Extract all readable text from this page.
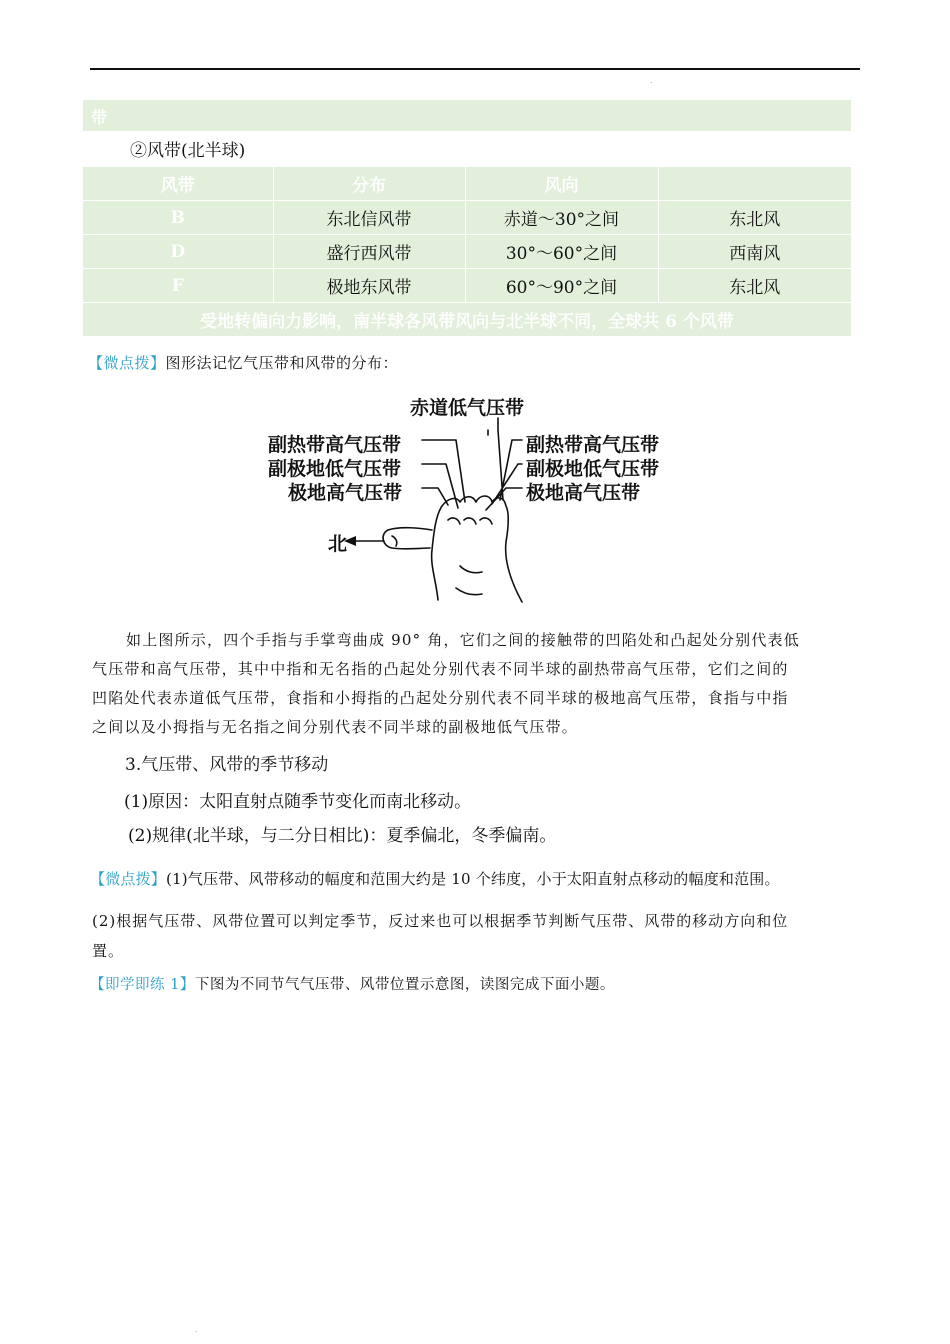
.
带
②风带(北半球)
风带	分布	风向	
B	东北信风带	赤道～30°之间	东北风
D	盛行西风带	30°～60°之间	西南风
F	极地东风带	60°～90°之间	东北风
受地转偏向力影响，南半球各风带风向与北半球不同，全球共 6 个风带			
【微点拨】图形法记忆气压带和风带的分布：
赤道低气压带
副热带高气压带
副极地低气压带
极地高气压带
副热带高气压带
副极地低气压带
极地高气压带
北
如上图所示，四个手指与手掌弯曲成 90° 角，它们之间的接触带的凹陷处和凸起处分别代表低
气压带和高气压带，其中中指和无名指的凸起处分别代表不同半球的副热带高气压带，它们之间的
凹陷处代表赤道低气压带，食指和小拇指的凸起处分别代表不同半球的极地高气压带，食指与中指
之间以及小拇指与无名指之间分别代表不同半球的副极地低气压带。
3.气压带、风带的季节移动
(1)原因：太阳直射点随季节变化而南北移动。
(2)规律(北半球，与二分日相比)：夏季偏北，冬季偏南。
【微点拨】(1)气压带、风带移动的幅度和范围大约是 10 个纬度，小于太阳直射点移动的幅度和范围。
(2)根据气压带、风带位置可以判定季节，反过来也可以根据季节判断气压带、风带的移动方向和位
置。
【即学即练 1】下图为不同节气气压带、风带位置示意图，读图完成下面小题。
.
